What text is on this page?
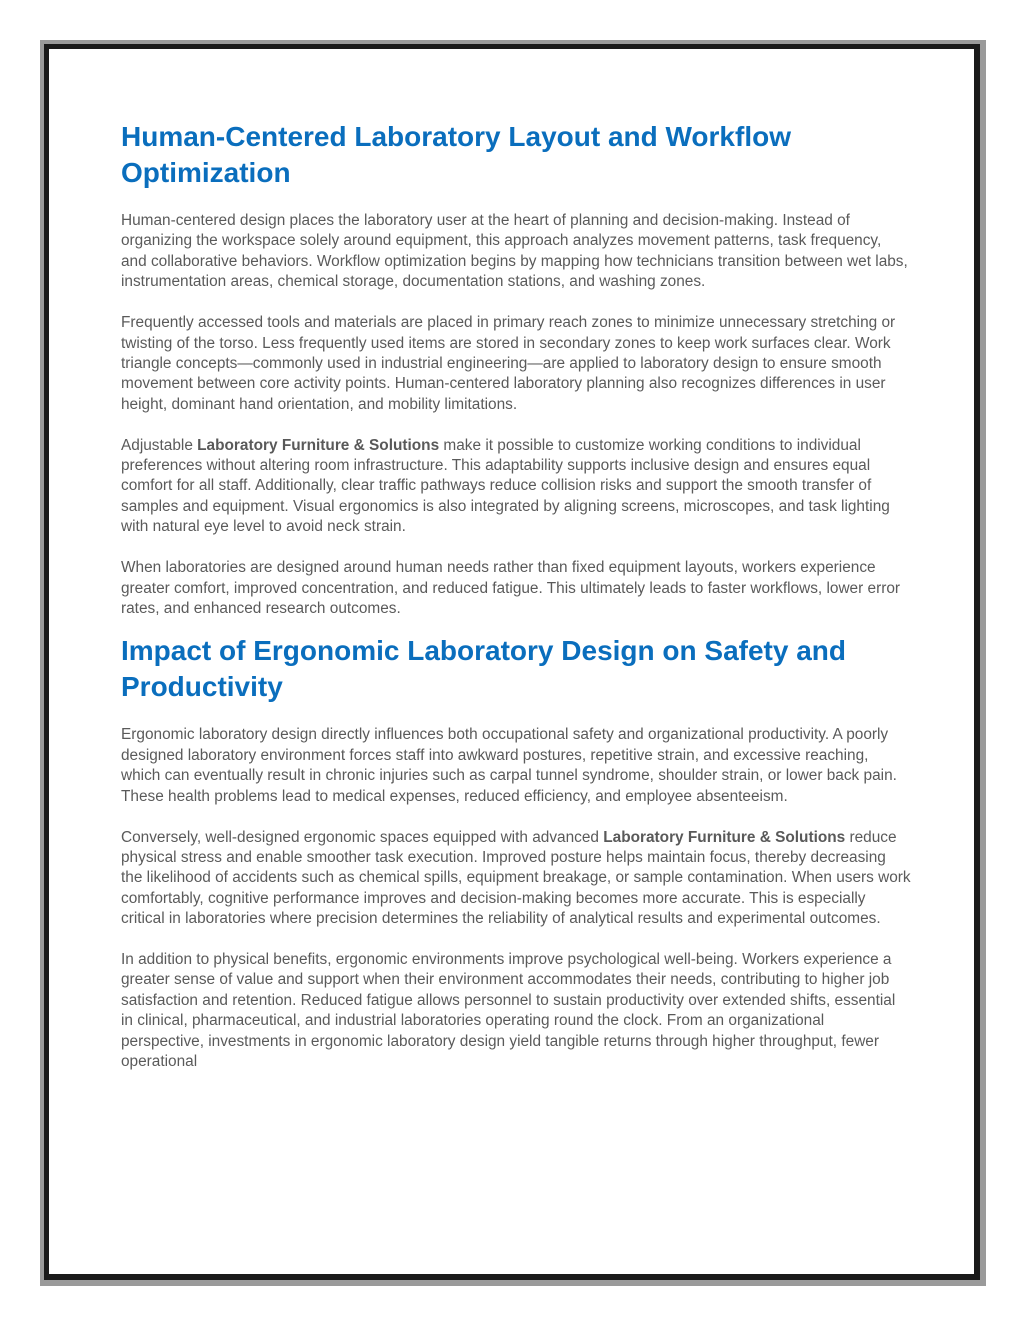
Human-Centered Laboratory Layout and Workflow Optimization

Human-centered design places the laboratory user at the heart of planning and decision-making. Instead of organizing the workspace solely around equipment, this approach analyzes movement patterns, task frequency, and collaborative behaviors. Workflow optimization begins by mapping how technicians transition between wet labs, instrumentation areas, chemical storage, documentation stations, and washing zones.

Frequently accessed tools and materials are placed in primary reach zones to minimize unnecessary stretching or twisting of the torso. Less frequently used items are stored in secondary zones to keep work surfaces clear. Work triangle concepts—commonly used in industrial engineering—are applied to laboratory design to ensure smooth movement between core activity points. Human-centered laboratory planning also recognizes differences in user height, dominant hand orientation, and mobility limitations.

Adjustable Laboratory Furniture & Solutions make it possible to customize working conditions to individual preferences without altering room infrastructure. This adaptability supports inclusive design and ensures equal comfort for all staff. Additionally, clear traffic pathways reduce collision risks and support the smooth transfer of samples and equipment. Visual ergonomics is also integrated by aligning screens, microscopes, and task lighting with natural eye level to avoid neck strain.

When laboratories are designed around human needs rather than fixed equipment layouts, workers experience greater comfort, improved concentration, and reduced fatigue. This ultimately leads to faster workflows, lower error rates, and enhanced research outcomes.

Impact of Ergonomic Laboratory Design on Safety and Productivity

Ergonomic laboratory design directly influences both occupational safety and organizational productivity. A poorly designed laboratory environment forces staff into awkward postures, repetitive strain, and excessive reaching, which can eventually result in chronic injuries such as carpal tunnel syndrome, shoulder strain, or lower back pain. These health problems lead to medical expenses, reduced efficiency, and employee absenteeism.

Conversely, well-designed ergonomic spaces equipped with advanced Laboratory Furniture & Solutions reduce physical stress and enable smoother task execution. Improved posture helps maintain focus, thereby decreasing the likelihood of accidents such as chemical spills, equipment breakage, or sample contamination. When users work comfortably, cognitive performance improves and decision-making becomes more accurate. This is especially critical in laboratories where precision determines the reliability of analytical results and experimental outcomes.

In addition to physical benefits, ergonomic environments improve psychological well-being. Workers experience a greater sense of value and support when their environment accommodates their needs, contributing to higher job satisfaction and retention. Reduced fatigue allows personnel to sustain productivity over extended shifts, essential in clinical, pharmaceutical, and industrial laboratories operating round the clock. From an organizational perspective, investments in ergonomic laboratory design yield tangible returns through higher throughput, fewer operational
